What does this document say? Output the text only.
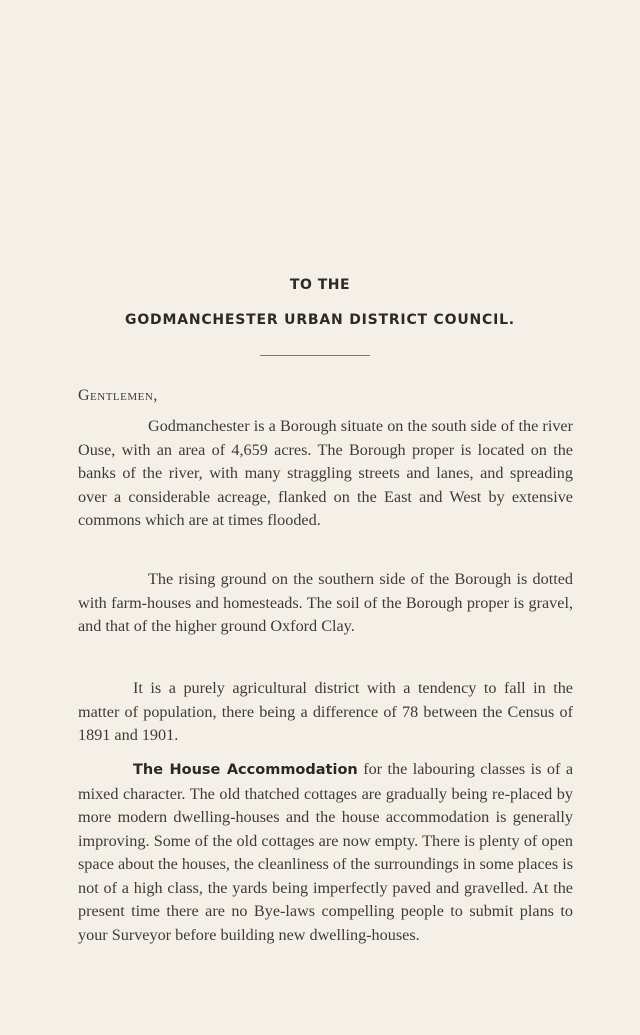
TO THE
GODMANCHESTER URBAN DISTRICT COUNCIL.
Gentlemen,
Godmanchester is a Borough situate on the south side of the river Ouse, with an area of 4,659 acres. The Borough proper is located on the banks of the river, with many straggling streets and lanes, and spreading over a considerable acreage, flanked on the East and West by extensive commons which are at times flooded.
The rising ground on the southern side of the Borough is dotted with farm-houses and homesteads. The soil of the Borough proper is gravel, and that of the higher ground Oxford Clay.
It is a purely agricultural district with a tendency to fall in the matter of population, there being a difference of 78 between the Census of 1891 and 1901.
The House Accommodation for the labouring classes is of a mixed character. The old thatched cottages are gradually being re-placed by more modern dwelling-houses and the house accommodation is generally improving. Some of the old cottages are now empty. There is plenty of open space about the houses, the cleanliness of the surroundings in some places is not of a high class, the yards being imperfectly paved and gravelled. At the present time there are no Bye-laws compelling people to submit plans to your Surveyor before building new dwelling-houses.
